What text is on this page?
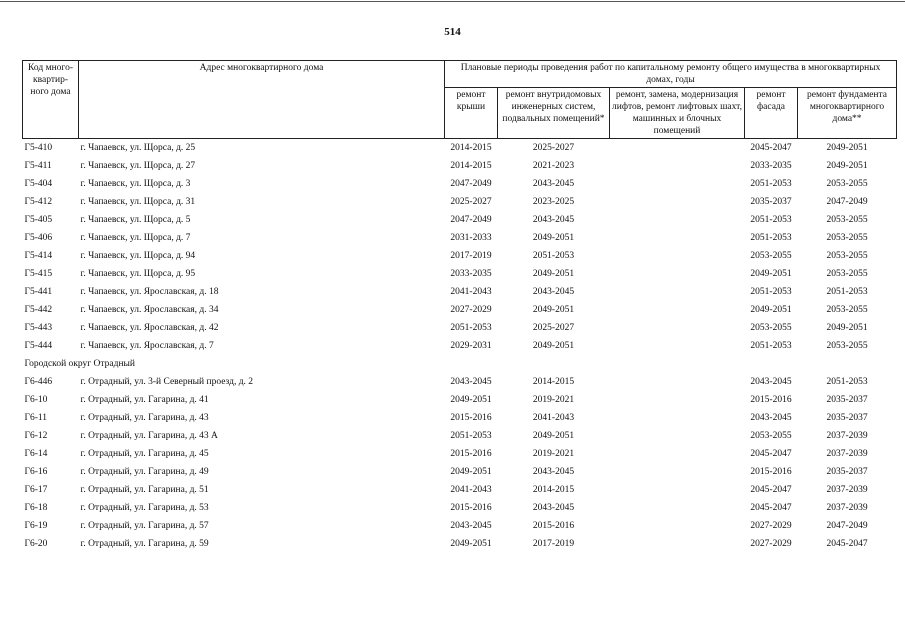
514
Код много-квартир-ного дома	Адрес многоквартирного дома	Плановые периоды проведения работ по капитальному ремонту общего имущества в многоквартирных домах, годы				
		ремонт крыши	ремонт внутридомовых инженерных систем, подвальных помещений*	ремонт, замена, модернизация лифтов, ремонт лифтовых шахт, машинных и блочных помещений	ремонт фасада	ремонт фундамента многоквартирного дома**
Г5-410	г. Чапаевск, ул. Щорса, д. 25	2014-2015	2025-2027		2045-2047	2049-2051
Г5-411	г. Чапаевск, ул. Щорса, д. 27	2014-2015	2021-2023		2033-2035	2049-2051
Г5-404	г. Чапаевск, ул. Щорса, д. 3	2047-2049	2043-2045		2051-2053	2053-2055
Г5-412	г. Чапаевск, ул. Щорса, д. 31	2025-2027	2023-2025		2035-2037	2047-2049
Г5-405	г. Чапаевск, ул. Щорса, д. 5	2047-2049	2043-2045		2051-2053	2053-2055
Г5-406	г. Чапаевск, ул. Щорса, д. 7	2031-2033	2049-2051		2051-2053	2053-2055
Г5-414	г. Чапаевск, ул. Щорса, д. 94	2017-2019	2051-2053		2053-2055	2053-2055
Г5-415	г. Чапаевск, ул. Щорса, д. 95	2033-2035	2049-2051		2049-2051	2053-2055
Г5-441	г. Чапаевск, ул. Ярославская, д. 18	2041-2043	2043-2045		2051-2053	2051-2053
Г5-442	г. Чапаевск, ул. Ярославская, д. 34	2027-2029	2049-2051		2049-2051	2053-2055
Г5-443	г. Чапаевск, ул. Ярославская, д. 42	2051-2053	2025-2027		2053-2055	2049-2051
Г5-444	г. Чапаевск, ул. Ярославская, д. 7	2029-2031	2049-2051		2051-2053	2053-2055
Городской округ Отрадный						
Г6-446	г. Отрадный, ул. 3-й Северный проезд, д. 2	2043-2045	2014-2015		2043-2045	2051-2053
Г6-10	г. Отрадный, ул. Гагарина, д. 41	2049-2051	2019-2021		2015-2016	2035-2037
Г6-11	г. Отрадный, ул. Гагарина, д. 43	2015-2016	2041-2043		2043-2045	2035-2037
Г6-12	г. Отрадный, ул. Гагарина, д. 43 А	2051-2053	2049-2051		2053-2055	2037-2039
Г6-14	г. Отрадный, ул. Гагарина, д. 45	2015-2016	2019-2021		2045-2047	2037-2039
Г6-16	г. Отрадный, ул. Гагарина, д. 49	2049-2051	2043-2045		2015-2016	2035-2037
Г6-17	г. Отрадный, ул. Гагарина, д. 51	2041-2043	2014-2015		2045-2047	2037-2039
Г6-18	г. Отрадный, ул. Гагарина, д. 53	2015-2016	2043-2045		2045-2047	2037-2039
Г6-19	г. Отрадный, ул. Гагарина, д. 57	2043-2045	2015-2016		2027-2029	2047-2049
Г6-20	г. Отрадный, ул. Гагарина, д. 59	2049-2051	2017-2019		2027-2029	2045-2047
